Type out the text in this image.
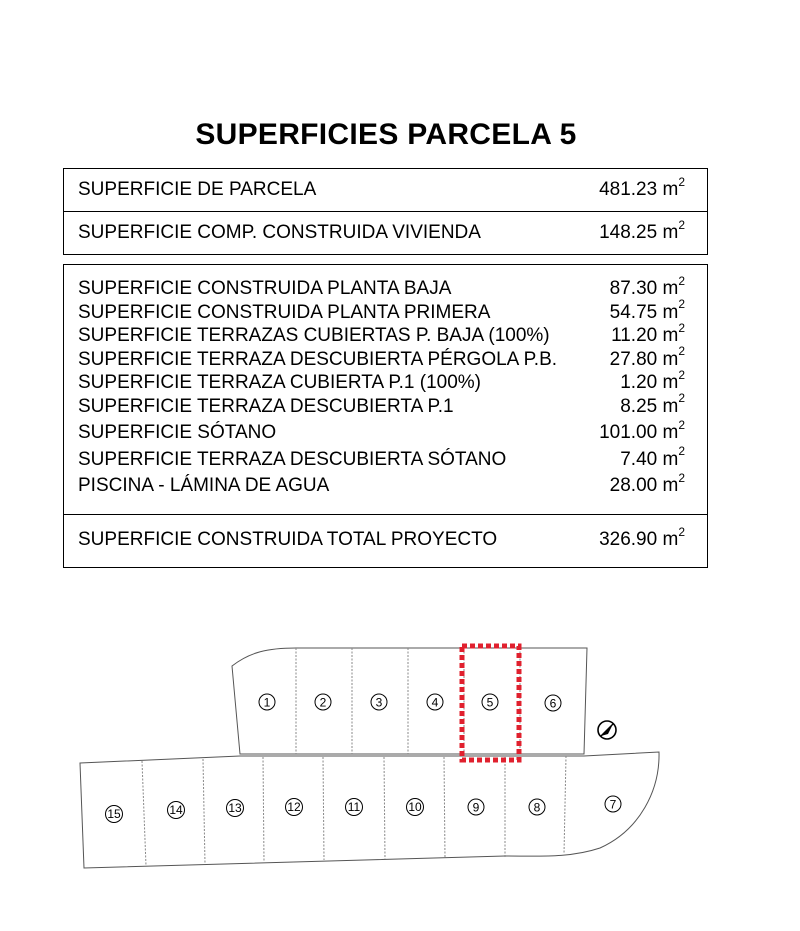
SUPERFICIES PARCELA 5
SUPERFICIE DE PARCELA	481.23 $m^2$
SUPERFICIE COMP. CONSTRUIDA VIVIENDA	148.25 $m^2$
SUPERFICIE CONSTRUIDA PLANTA BAJA	87.30 $m^2$
SUPERFICIE CONSTRUIDA PLANTA PRIMERA	54.75 $m^2$
SUPERFICIE TERRAZAS CUBIERTAS P. BAJA (100%)	11.20 $m^2$
SUPERFICIE TERRAZA DESCUBIERTA PÉRGOLA P.B.	27.80 $m^2$
SUPERFICIE TERRAZA CUBIERTA P.1 (100%)	1.20 $m^2$
SUPERFICIE TERRAZA DESCUBIERTA P.1	8.25 $m^2$
SUPERFICIE SÓTANO	101.00 $m^2$
SUPERFICIE TERRAZA DESCUBIERTA SÓTANO	7.40 $m^2$
PISCINA - LÁMINA DE AGUA	28.00 $m^2$
SUPERFICIE CONSTRUIDA TOTAL PROYECTO	326.90 $m^2$
1	2	3	4	5	6
15	14	13	12	11	10	9	8	7
